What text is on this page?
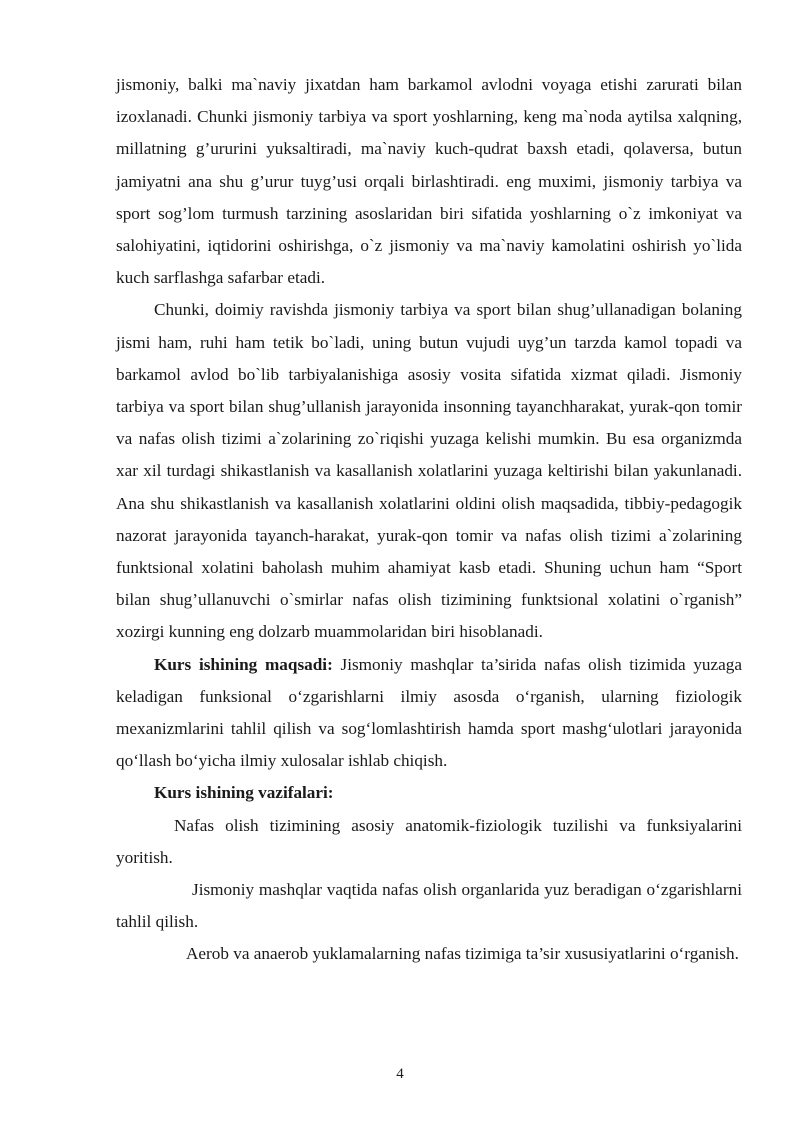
jismoniy, balki ma`naviy jixatdan ham barkamol avlodni voyaga etishi zarurati bilan izoxlanadi. Chunki jismoniy tarbiya va sport yoshlarning, keng ma`noda aytilsa xalqning, millatning g’ururini yuksaltiradi, ma`naviy kuch-qudrat baxsh etadi, qolaversa, butun jamiyatni ana shu g’urur tuyg’usi orqali birlashtiradi. eng muximi, jismoniy tarbiya va sport sog’lom turmush tarzining asoslaridan biri sifatida yoshlarning o`z imkoniyat va salohiyatini, iqtidorini oshirishga, o`z jismoniy va ma`naviy kamolatini oshirish yo`lida kuch sarflashga safarbar etadi.

Chunki, doimiy ravishda jismoniy tarbiya va sport bilan shug’ullanadigan bolaning jismi ham, ruhi ham tetik bo`ladi, uning butun vujudi uyg’un tarzda kamol topadi va barkamol avlod bo`lib tarbiyalanishiga asosiy vosita sifatida xizmat qiladi. Jismoniy tarbiya va sport bilan shug’ullanish jarayonida insonning tayanchharakat, yurak-qon tomir va nafas olish tizimi a`zolarining zo`riqishi yuzaga kelishi mumkin. Bu esa organizmda xar xil turdagi shikastlanish va kasallanish xolatlarini yuzaga keltirishi bilan yakunlanadi. Ana shu shikastlanish va kasallanish xolatlarini oldini olish maqsadida, tibbiy-pedagogik nazorat jarayonida tayanch-harakat, yurak-qon tomir va nafas olish tizimi a`zolarining funktsional xolatini baholash muhim ahamiyat kasb etadi. Shuning uchun ham “Sport bilan shug’ullanuvchi o`smirlar nafas olish tizimining funktsional xolatini o`rganish” xozirgi kunning eng dolzarb muammolaridan biri hisoblanadi.

Kurs ishining maqsadi: Jismoniy mashqlar ta’sirida nafas olish tizimida yuzaga keladigan funksional o‘zgarishlarni ilmiy asosda o‘rganish, ularning fiziologik mexanizmlarini tahlil qilish va sog‘lomlashtirish hamda sport mashg‘ulotlari jarayonida qo‘llash bo‘yicha ilmiy xulosalar ishlab chiqish.

Kurs ishining vazifalari:

Nafas olish tizimining asosiy anatomik-fiziologik tuzilishi va funksiyalarini yoritish.

Jismoniy mashqlar vaqtida nafas olish organlarida yuz beradigan o‘zgarishlarni tahlil qilish.

Aerob va anaerob yuklamalarning nafas tizimiga ta’sir xususiyatlarini o‘rganish.

4
